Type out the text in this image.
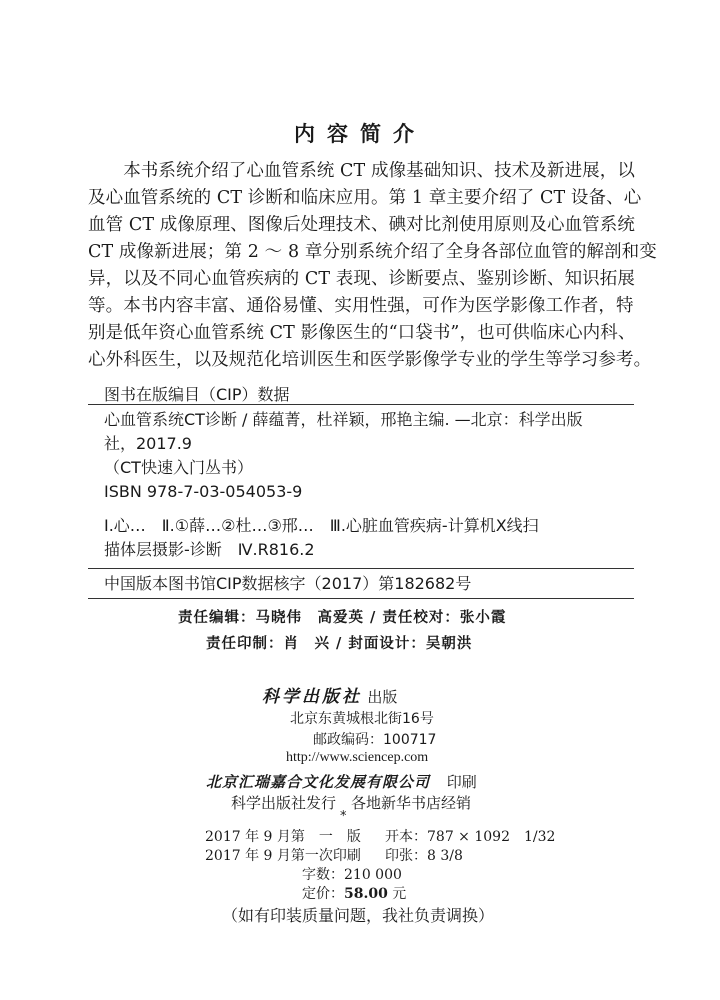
内容简介
　　本书系统介绍了心血管系统 CT 成像基础知识、技术及新进展，以
及心血管系统的 CT 诊断和临床应用。第 1 章主要介绍了 CT 设备、心
血管 CT 成像原理、图像后处理技术、碘对比剂使用原则及心血管系统
CT 成像新进展；第 2 ～ 8 章分别系统介绍了全身各部位血管的解剖和变
异，以及不同心血管疾病的 CT 表现、诊断要点、鉴别诊断、知识拓展
等。本书内容丰富、通俗易懂、实用性强，可作为医学影像工作者，特
别是低年资心血管系统 CT 影像医生的“口袋书”，也可供临床心内科、
心外科医生，以及规范化培训医生和医学影像学专业的学生等学习参考。
图书在版编目（CIP）数据
心血管系统CT诊断 / 薛蕴菁，杜祥颖，邢艳主编. —北京：科学出版
社，2017.9
（CT快速入门丛书）
ISBN 978-7-03-054053-9
Ⅰ.心…　Ⅱ.①薛…②杜…③邢…　Ⅲ.心脏血管疾病-计算机X线扫
描体层摄影-诊断　Ⅳ.R816.2
中国版本图书馆CIP数据核字（2017）第182682号
责任编辑：马晓伟　高爱英 / 责任校对：张小霞
责任印制：肖　兴 / 封面设计：吴朝洪
科学出版社 出版
北京东黄城根北街16号
邮政编码：100717
http://www.sciencep.com
北京汇瑞嘉合文化发展有限公司 印刷
科学出版社发行　各地新华书店经销
*
2017 年 9 月第　一　版 开本：787 × 1092　1/32
2017 年 9 月第一次印刷 印张：8 3/8
字数：210 000
定价：58.00 元
（如有印装质量问题，我社负责调换）
